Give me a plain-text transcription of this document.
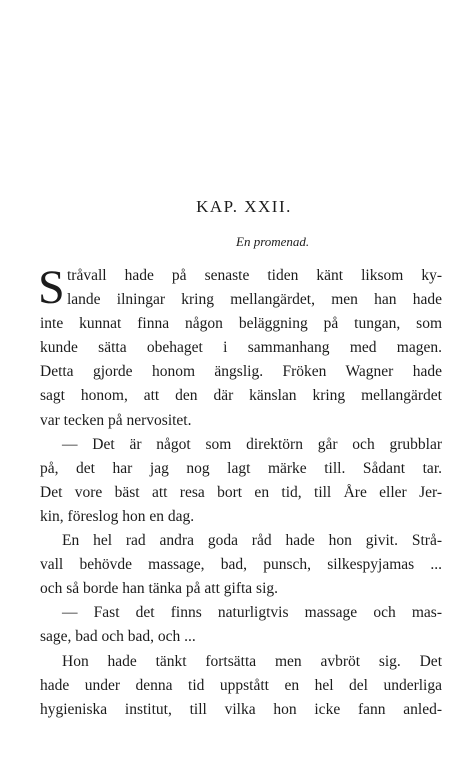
KAP. XXII.
En promenad.
S tråvall hade på senaste tiden känt liksom ky-
lande ilningar kring mellangärdet, men han hade
inte kunnat finna någon beläggning på tungan, som
kunde sätta obehaget i sammanhang med magen.
Detta gjorde honom ängslig. Fröken Wagner hade
sagt honom, att den där känslan kring mellangärdet
var tecken på nervositet.
— Det är något som direktörn går och grubblar
på, det har jag nog lagt märke till. Sådant tar.
Det vore bäst att resa bort en tid, till Åre eller Jer-
kin, föreslog hon en dag.
En hel rad andra goda råd hade hon givit. Strå-
vall behövde massage, bad, punsch, silkespyjamas ...
och så borde han tänka på att gifta sig.
— Fast det finns naturligtvis massage och mas-
sage, bad och bad, och ...
Hon hade tänkt fortsätta men avbröt sig. Det
hade under denna tid uppstått en hel del underliga
hygieniska institut, till vilka hon icke fann anled-
